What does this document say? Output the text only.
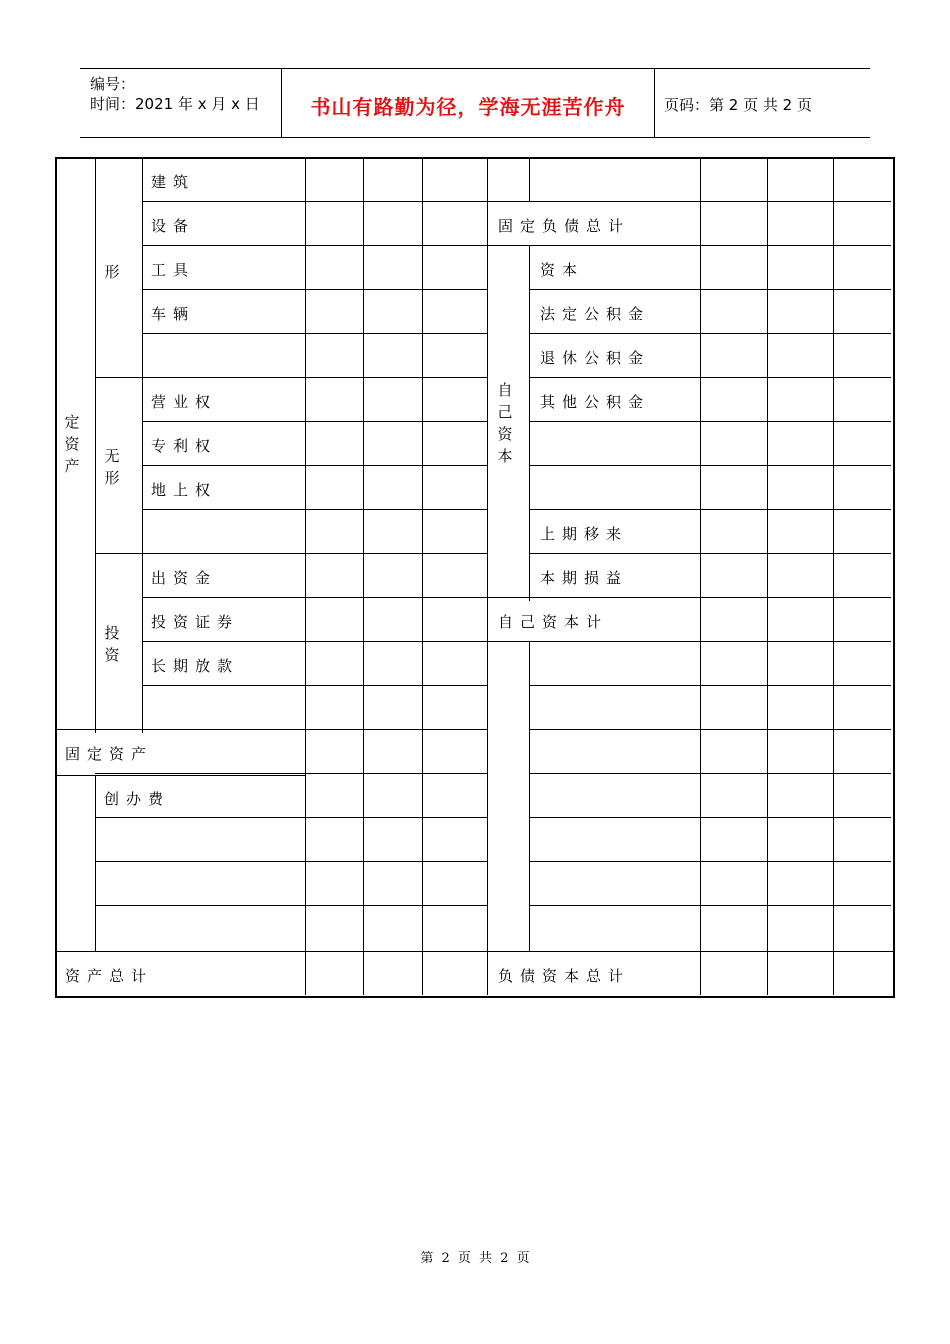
编号：
时间：2021 年 x 月 x 日	书山有路勤为径，学海无涯苦作舟	页码：第 2 页 共 2 页
定
资
产
形
无
形
投
资
建筑
设备
工具
车辆
营业权
专利权
地上权
出资金
投资证券
长期放款
固定资产
创办费
资产总计
固定负债总计
自
己
资
本
资本
法定公积金
退休公积金
其他公积金
上期移来
本期损益
自己资本计
负债资本总计
第 2 页 共 2 页
